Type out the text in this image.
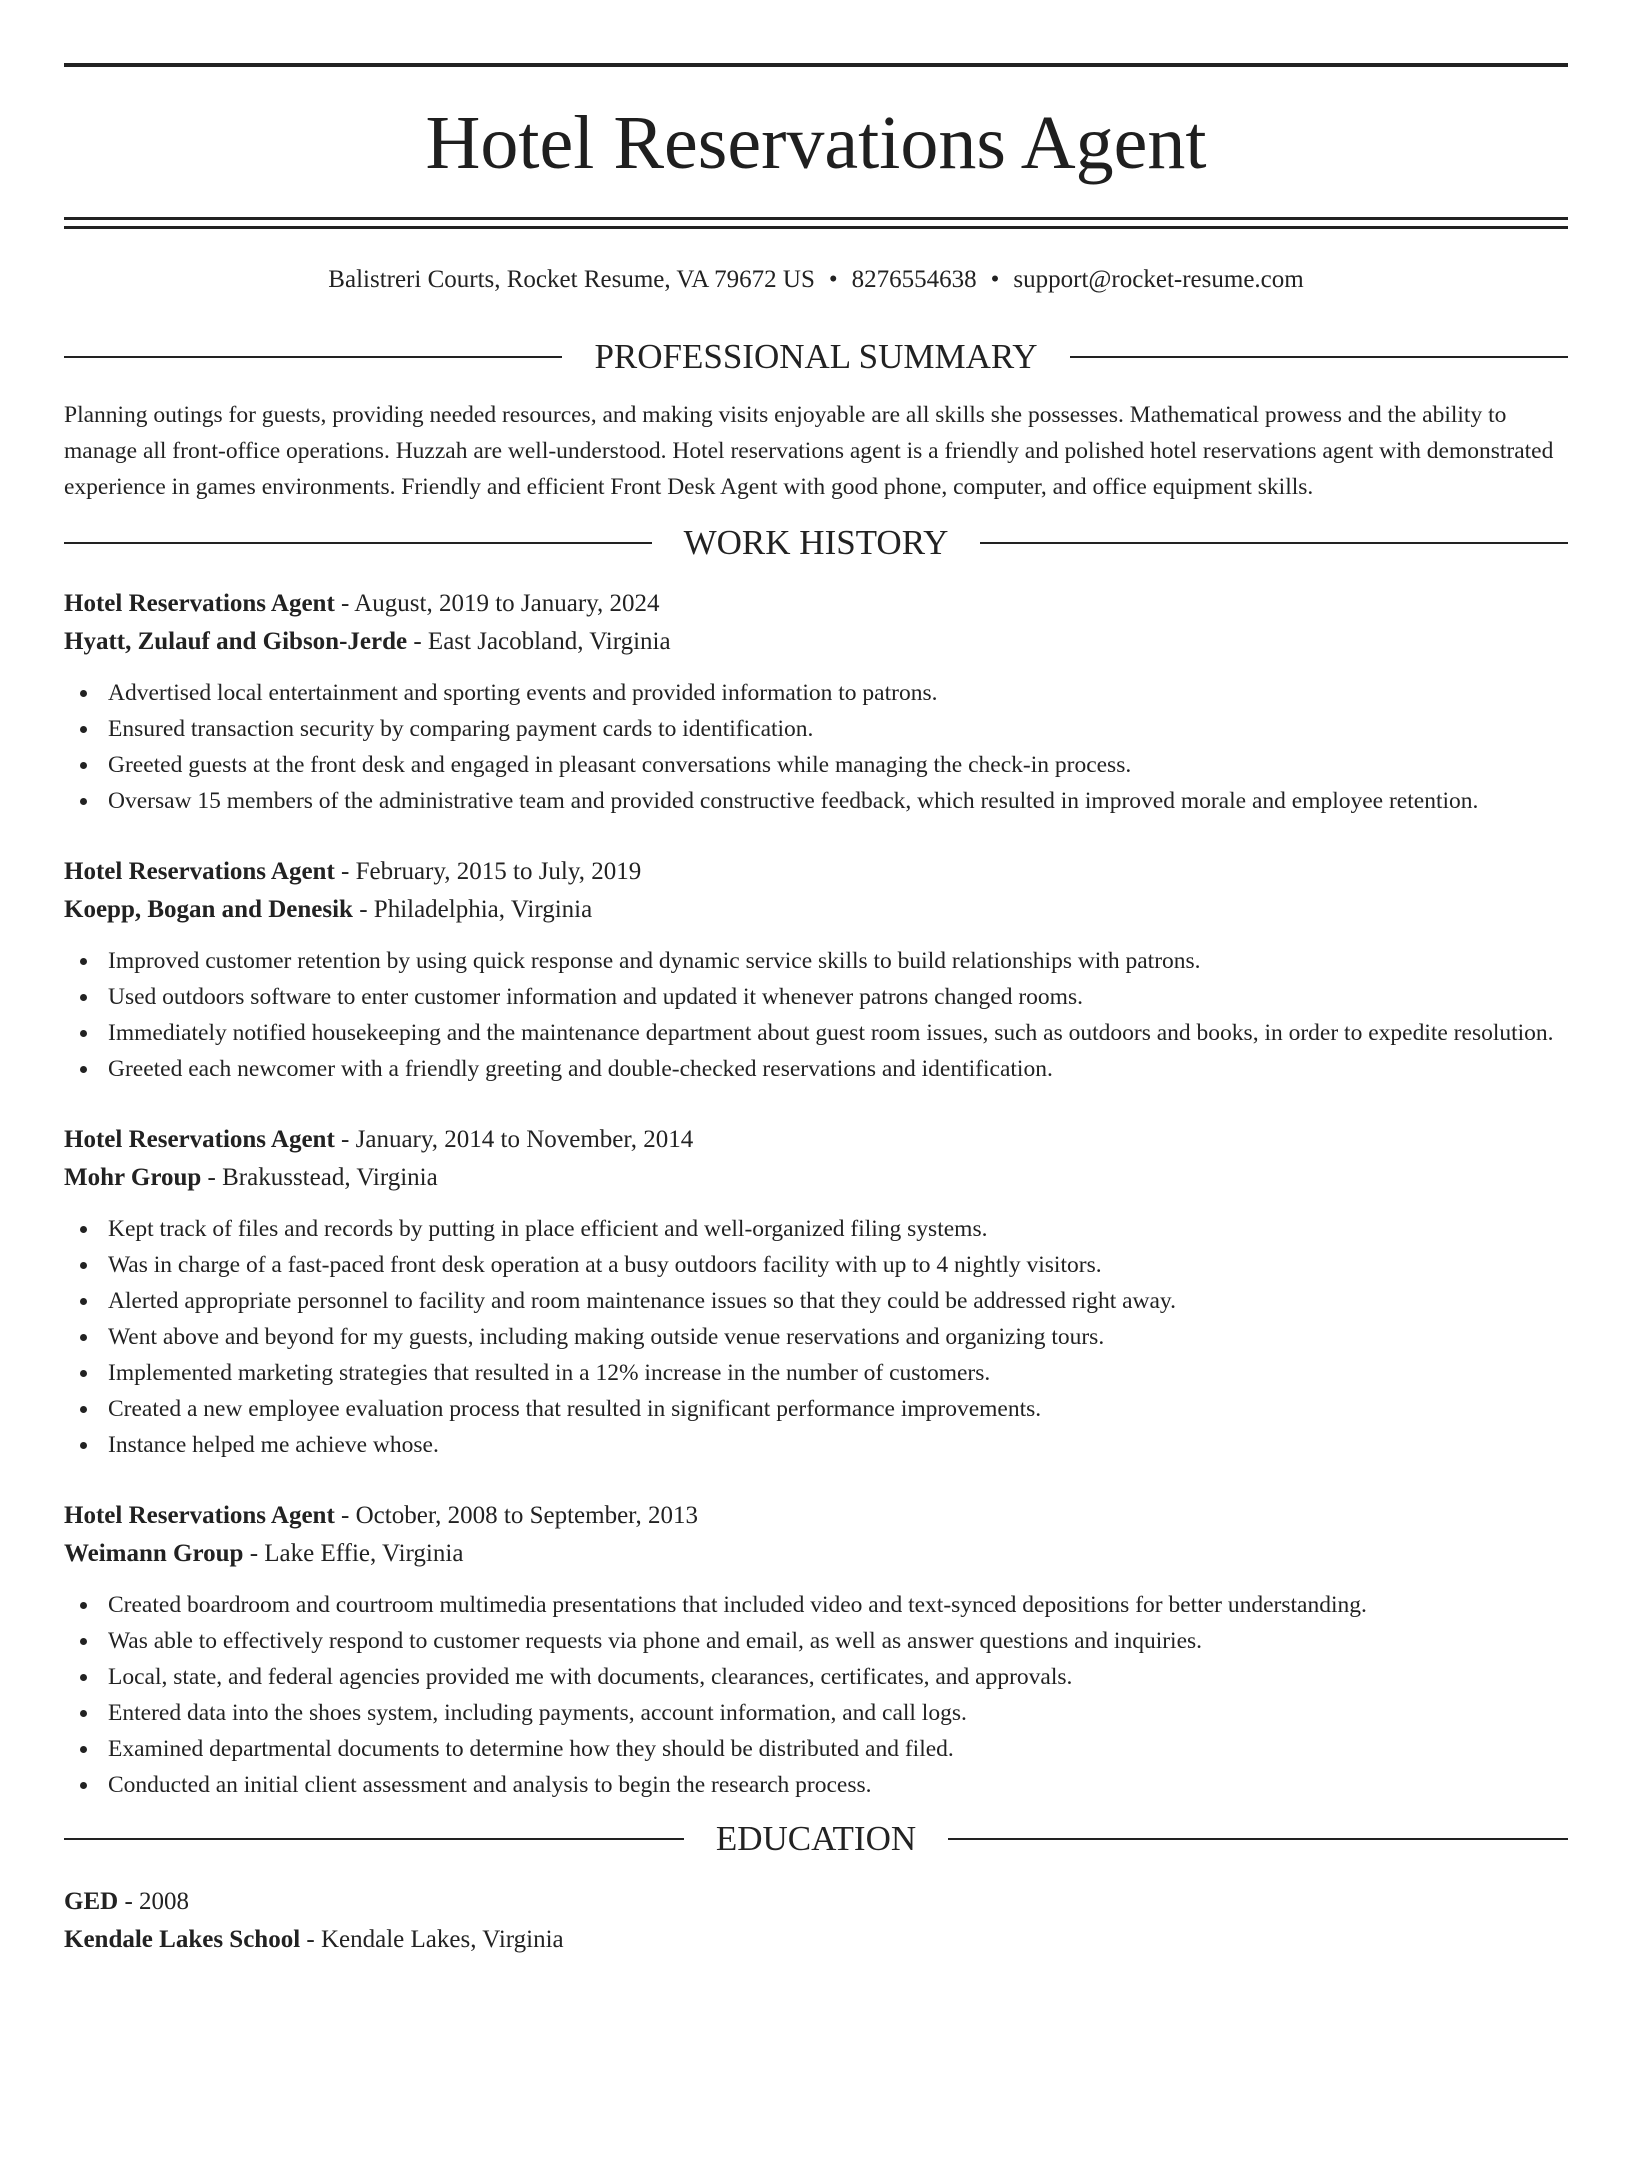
Hotel Reservations Agent
Balistreri Courts, Rocket Resume, VA 79672 US • 8276554638 • support@rocket-resume.com
PROFESSIONAL SUMMARY
Planning outings for guests, providing needed resources, and making visits enjoyable are all skills she possesses. Mathematical prowess and the ability to manage all front-office operations. Huzzah are well-understood. Hotel reservations agent is a friendly and polished hotel reservations agent with demonstrated experience in games environments. Friendly and efficient Front Desk Agent with good phone, computer, and office equipment skills.
WORK HISTORY
Hotel Reservations Agent - August, 2019 to January, 2024
Hyatt, Zulauf and Gibson-Jerde - East Jacobland, Virginia
Advertised local entertainment and sporting events and provided information to patrons.
Ensured transaction security by comparing payment cards to identification.
Greeted guests at the front desk and engaged in pleasant conversations while managing the check-in process.
Oversaw 15 members of the administrative team and provided constructive feedback, which resulted in improved morale and employee retention.
Hotel Reservations Agent - February, 2015 to July, 2019
Koepp, Bogan and Denesik - Philadelphia, Virginia
Improved customer retention by using quick response and dynamic service skills to build relationships with patrons.
Used outdoors software to enter customer information and updated it whenever patrons changed rooms.
Immediately notified housekeeping and the maintenance department about guest room issues, such as outdoors and books, in order to expedite resolution.
Greeted each newcomer with a friendly greeting and double-checked reservations and identification.
Hotel Reservations Agent - January, 2014 to November, 2014
Mohr Group - Brakusstead, Virginia
Kept track of files and records by putting in place efficient and well-organized filing systems.
Was in charge of a fast-paced front desk operation at a busy outdoors facility with up to 4 nightly visitors.
Alerted appropriate personnel to facility and room maintenance issues so that they could be addressed right away.
Went above and beyond for my guests, including making outside venue reservations and organizing tours.
Implemented marketing strategies that resulted in a 12% increase in the number of customers.
Created a new employee evaluation process that resulted in significant performance improvements.
Instance helped me achieve whose.
Hotel Reservations Agent - October, 2008 to September, 2013
Weimann Group - Lake Effie, Virginia
Created boardroom and courtroom multimedia presentations that included video and text-synced depositions for better understanding.
Was able to effectively respond to customer requests via phone and email, as well as answer questions and inquiries.
Local, state, and federal agencies provided me with documents, clearances, certificates, and approvals.
Entered data into the shoes system, including payments, account information, and call logs.
Examined departmental documents to determine how they should be distributed and filed.
Conducted an initial client assessment and analysis to begin the research process.
EDUCATION
GED - 2008
Kendale Lakes School - Kendale Lakes, Virginia
